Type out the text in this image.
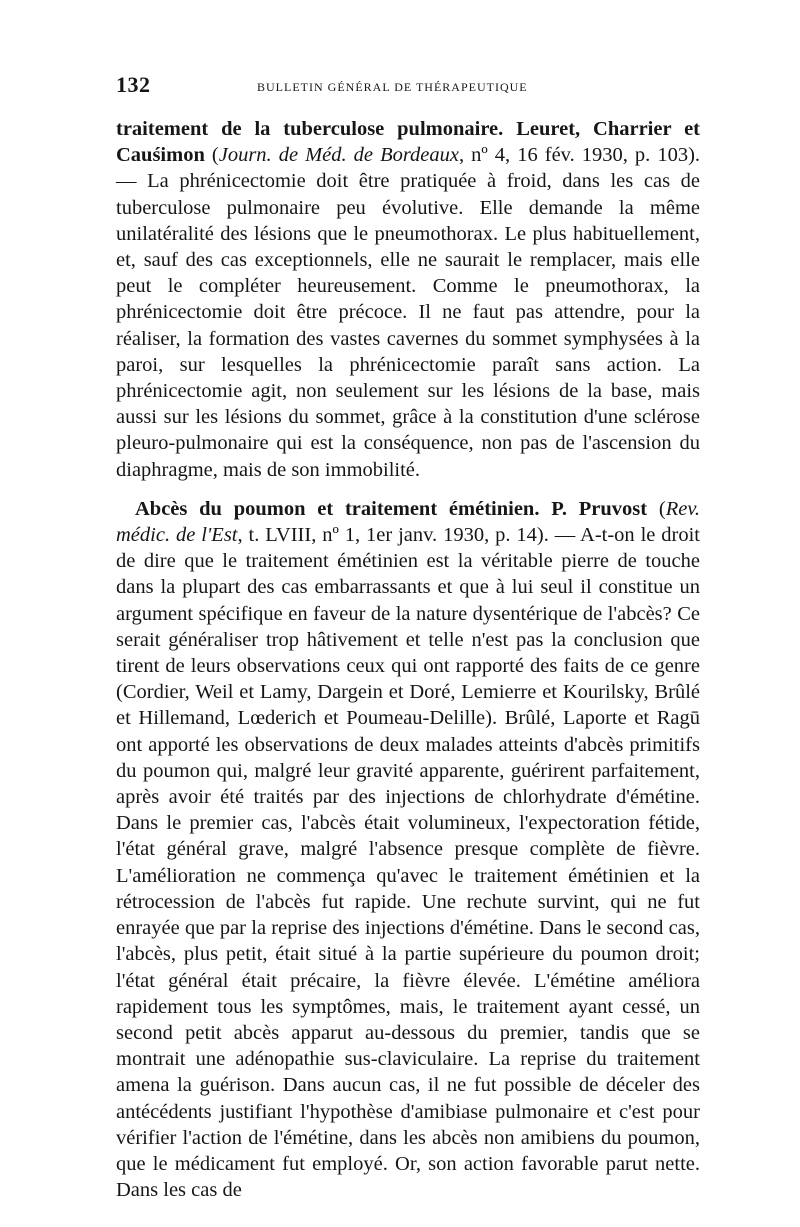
132	BULLETIN GÉNÉRAL DE THÉRAPEUTIQUE

traitement de la tuberculose pulmonaire. Leuret, Charrier et Cauśimon (Journ. de Méd. de Bordeaux, nº 4, 16 fév. 1930, p. 103). — La phrénicectomie doit être pratiquée à froid, dans les cas de tuberculose pulmonaire peu évolutive. Elle demande la même unilatéralité des lésions que le pneumothorax. Le plus habituellement, et, sauf des cas exceptionnels, elle ne saurait le remplacer, mais elle peut le compléter heureusement. Comme le pneumothorax, la phrénicectomie doit être précoce. Il ne faut pas attendre, pour la réaliser, la formation des vastes cavernes du sommet symphysées à la paroi, sur lesquelles la phrénicectomie paraît sans action. La phrénicectomie agit, non seulement sur les lésions de la base, mais aussi sur les lésions du sommet, grâce à la constitution d'une sclérose pleuro-pulmonaire qui est la conséquence, non pas de l'ascension du diaphragme, mais de son immobilité.

Abcès du poumon et traitement émétinien. P. Pruvost (Rev. médic. de l'Est, t. LVIII, nº 1, 1er janv. 1930, p. 14). — A-t-on le droit de dire que le traitement émétinien est la véritable pierre de touche dans la plupart des cas embarrassants et que à lui seul il constitue un argument spécifique en faveur de la nature dysentérique de l'abcès? Ce serait généraliser trop hâtivement et telle n'est pas la conclusion que tirent de leurs observations ceux qui ont rapporté des faits de ce genre (Cordier, Weil et Lamy, Dargein et Doré, Lemierre et Kourilsky, Brûlé et Hillemand, Lœderich et Poumeau-Delille). Brûlé, Laporte et Ragū ont apporté les observations de deux malades atteints d'abcès primitifs du poumon qui, malgré leur gravité apparente, guérirent parfaitement, après avoir été traités par des injections de chlorhydrate d'émétine. Dans le premier cas, l'abcès était volumineux, l'expectoration fétide, l'état général grave, malgré l'absence presque complète de fièvre. L'amélioration ne commença qu'avec le traitement émétinien et la rétrocession de l'abcès fut rapide. Une rechute survint, qui ne fut enrayée que par la reprise des injections d'émétine. Dans le second cas, l'abcès, plus petit, était situé à la partie supérieure du poumon droit; l'état général était précaire, la fièvre élevée. L'émétine améliora rapidement tous les symptômes, mais, le traitement ayant cessé, un second petit abcès apparut au-dessous du premier, tandis que se montrait une adénopathie sus-claviculaire. La reprise du traitement amena la guérison. Dans aucun cas, il ne fut possible de déceler des antécédents justifiant l'hypothèse d'amibiase pulmonaire et c'est pour vérifier l'action de l'émétine, dans les abcès non amibiens du poumon, que le médicament fut employé. Or, son action favorable parut nette. Dans les cas de
